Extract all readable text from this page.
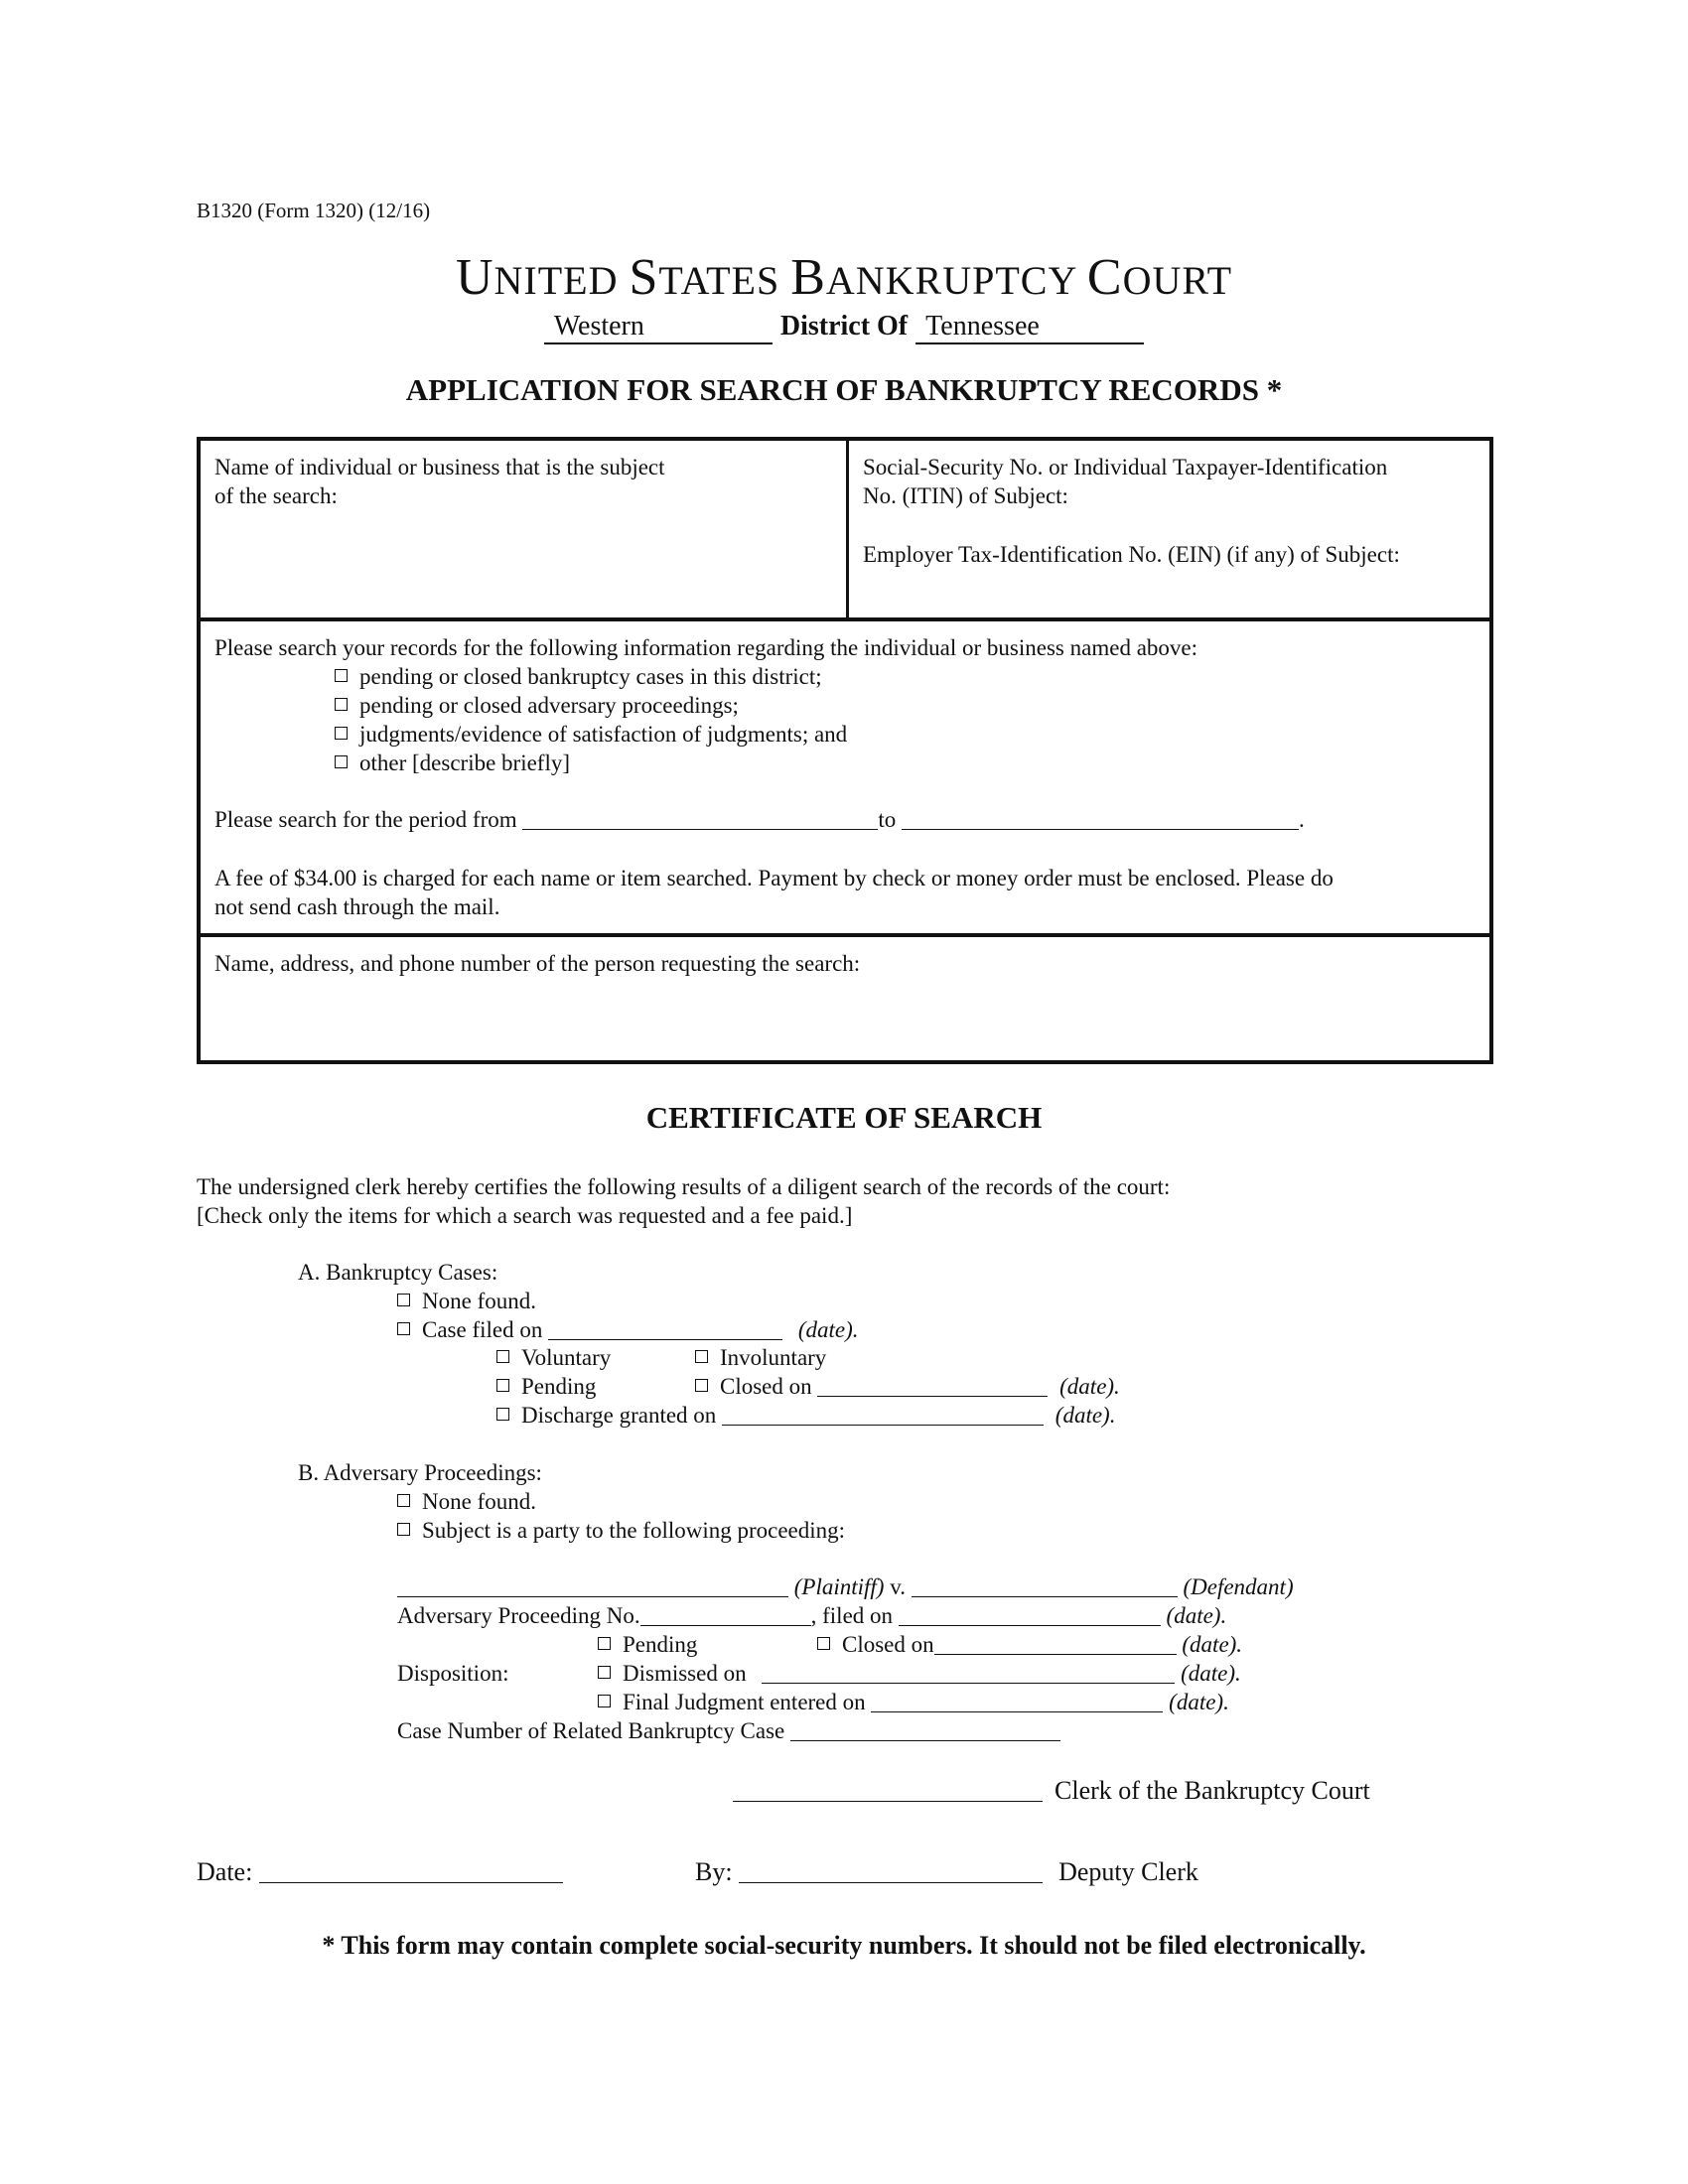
B1320 (Form 1320) (12/16)
UNITED STATES BANKRUPTCY COURT
Western	District Of Tennessee
APPLICATION FOR SEARCH OF BANKRUPTCY RECORDS *
Name of individual or business that is the subject
of the search:
Social-Security No. or Individual Taxpayer-Identification
No. (ITIN) of Subject:
Employer Tax-Identification No. (EIN) (if any) of Subject:
Please search your records for the following information regarding the individual or business named above:
pending or closed bankruptcy cases in this district;
pending or closed adversary proceedings;
judgments/evidence of satisfaction of judgments; and
other [describe briefly]
Please search for the period from	to	.
A fee of $34.00 is charged for each name or item searched. Payment by check or money order must be enclosed. Please do
not send cash through the mail.
Name, address, and phone number of the person requesting the search:
CERTIFICATE OF SEARCH
The undersigned clerk hereby certifies the following results of a diligent search of the records of the court:
[Check only the items for which a search was requested and a fee paid.]
A. Bankruptcy Cases:
None found.
Case filed on	(date).
Voluntary	Involuntary
Pending	Closed on	(date).
Discharge granted on	(date).
B. Adversary Proceedings:
None found.
Subject is a party to the following proceeding:
(Plaintiff) v.	(Defendant)
Adversary Proceeding No.	, filed on	(date).
Pending	Closed on	(date).
Disposition:	Dismissed on	(date).
Final Judgment entered on	(date).
Case Number of Related Bankruptcy Case
Clerk of the Bankruptcy Court
Date:	By:	Deputy Clerk
* This form may contain complete social-security numbers. It should not be filed electronically.
